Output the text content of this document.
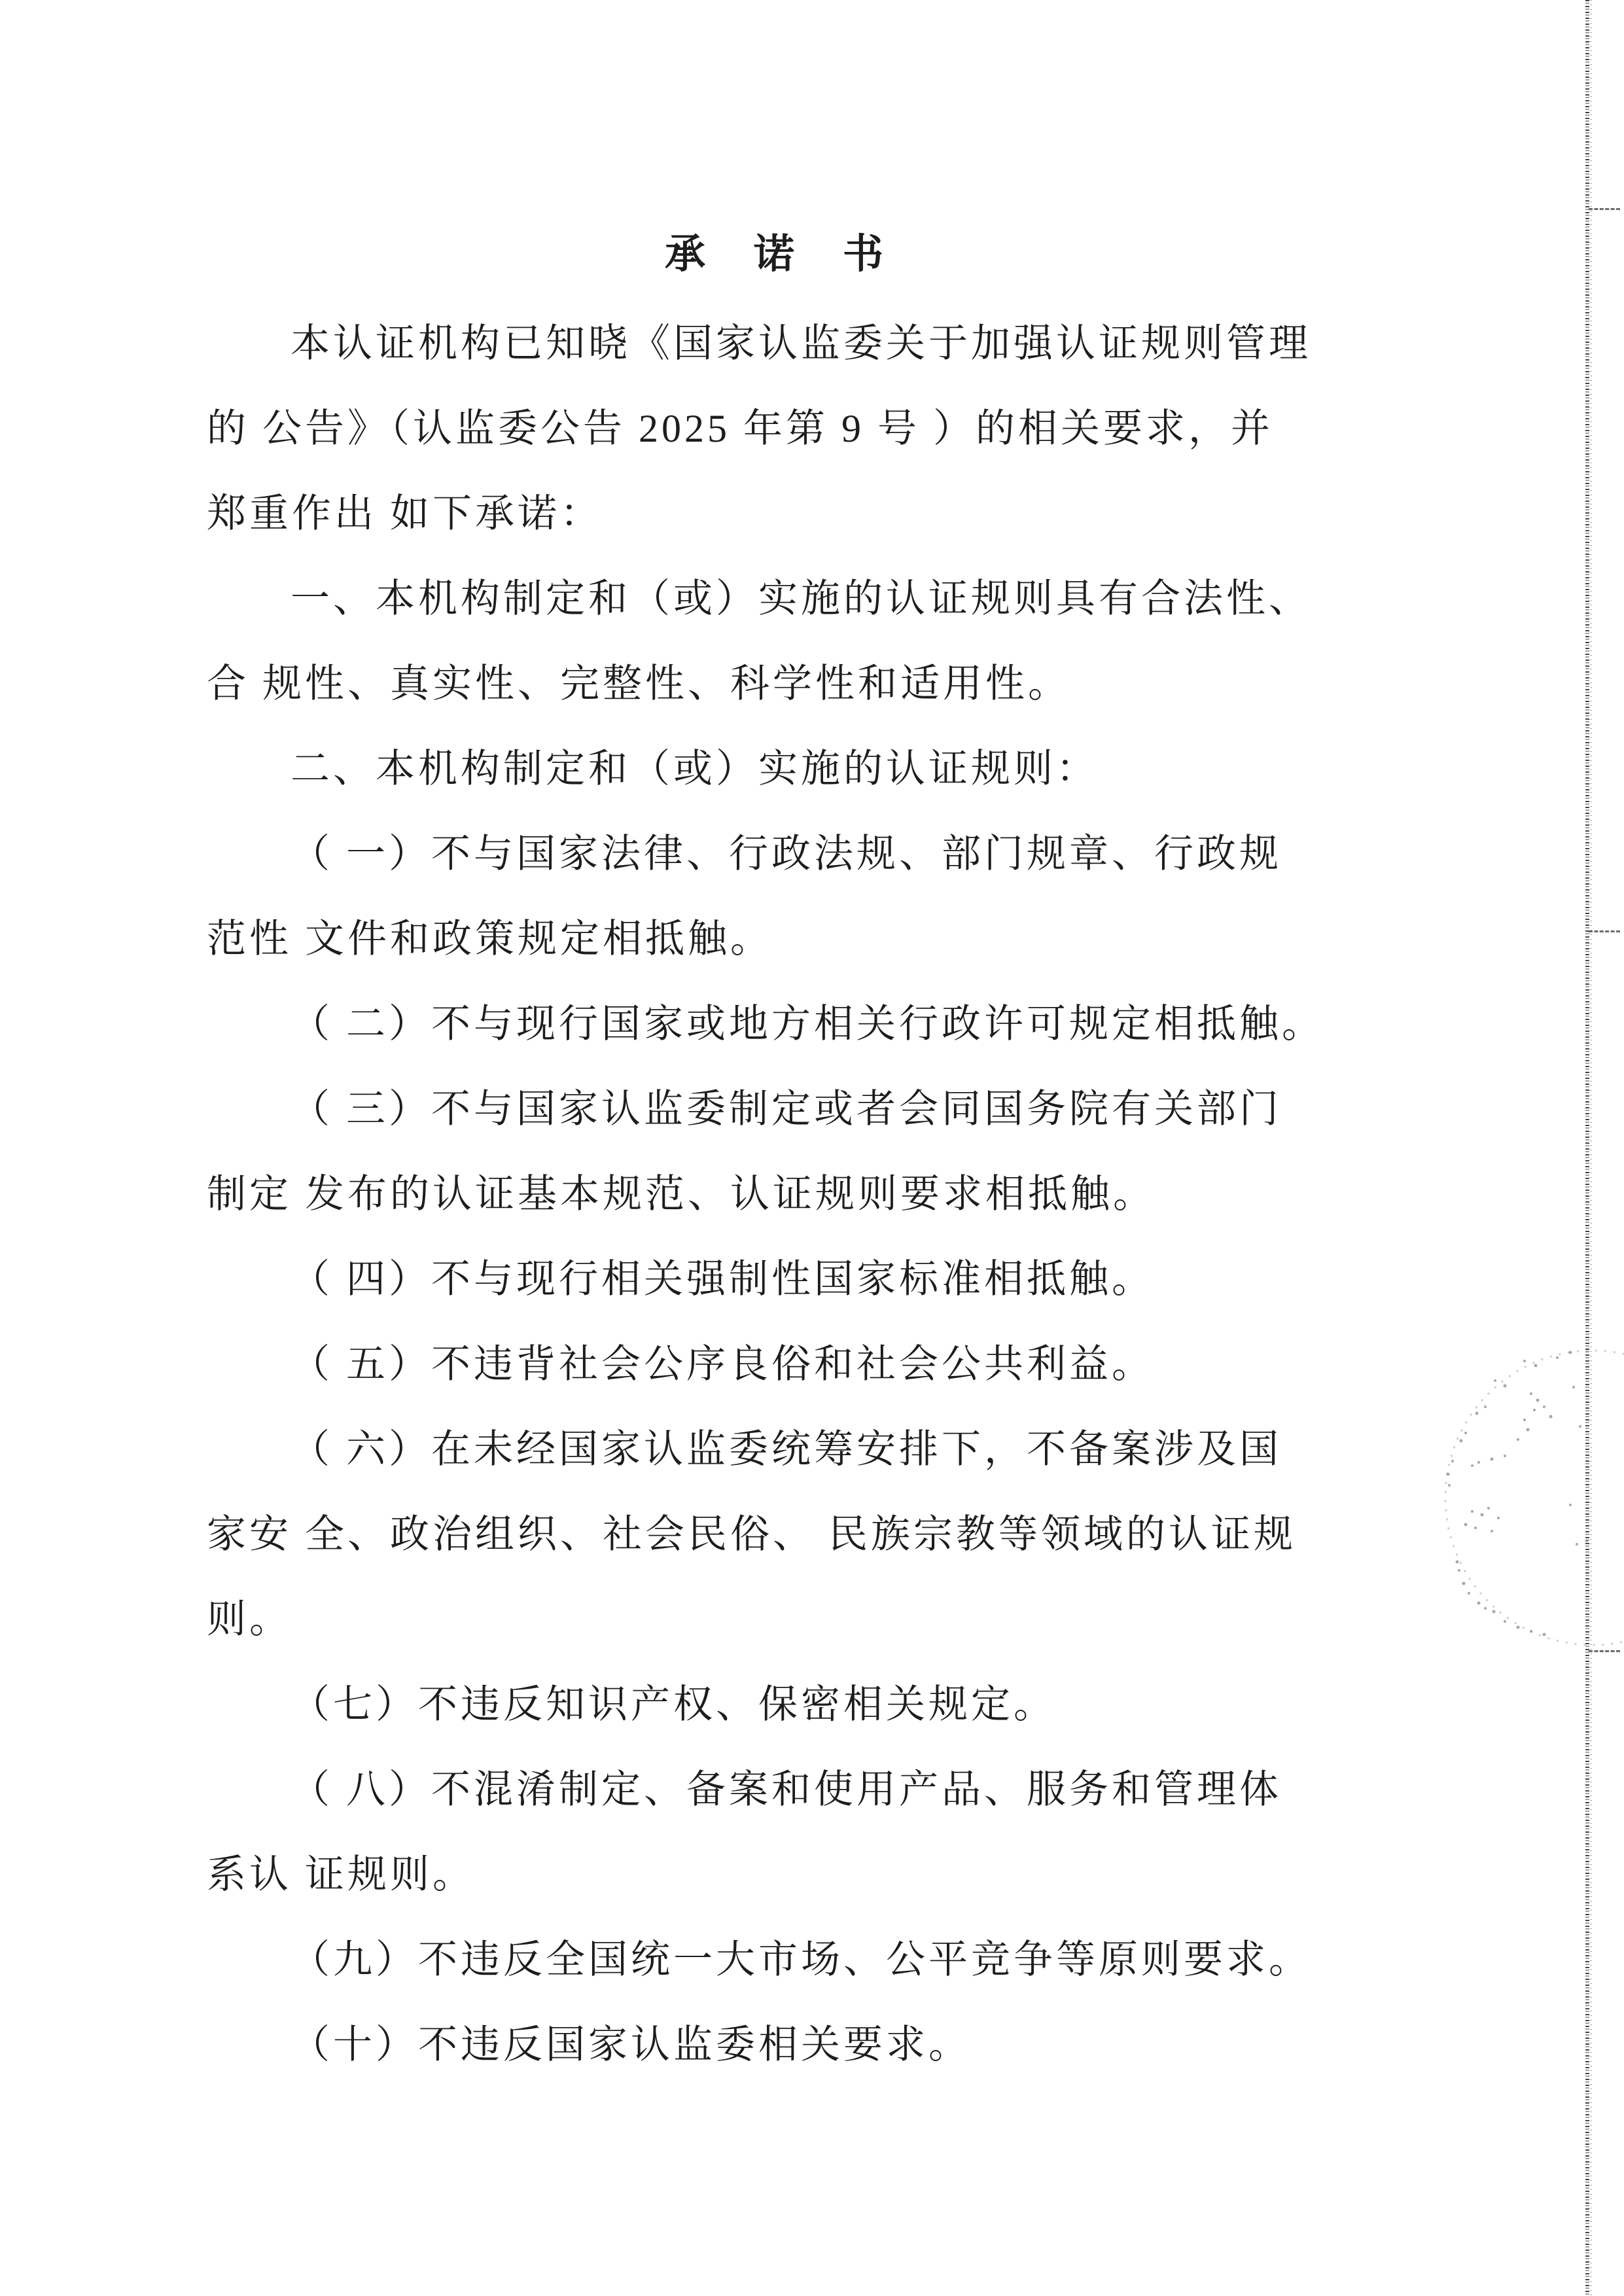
承　诺　书
本认证机构已知晓《国家认监委关于加强认证规则管理
的 公告》（认监委公告 2025 年第 9 号 ）的相关要求，并
郑重作出 如下承诺：
一、本机构制定和（或）实施的认证规则具有合法性、
合 规性、真实性、完整性、科学性和适用性。
二、本机构制定和（或）实施的认证规则：
（ 一）不与国家法律、行政法规、部门规章、行政规
范性 文件和政策规定相抵触。
（ 二）不与现行国家或地方相关行政许可规定相抵触。
（ 三）不与国家认监委制定或者会同国务院有关部门
制定 发布的认证基本规范、认证规则要求相抵触。
（ 四）不与现行相关强制性国家标准相抵触。
（ 五）不违背社会公序良俗和社会公共利益。
（ 六）在未经国家认监委统筹安排下，不备案涉及国
家安 全、政治组织、社会民俗、 民族宗教等领域的认证规
则。
（七）不违反知识产权、保密相关规定。
（ 八）不混淆制定、备案和使用产品、服务和管理体
系认 证规则。
（九）不违反全国统一大市场、公平竞争等原则要求。
（十）不违反国家认监委相关要求。
